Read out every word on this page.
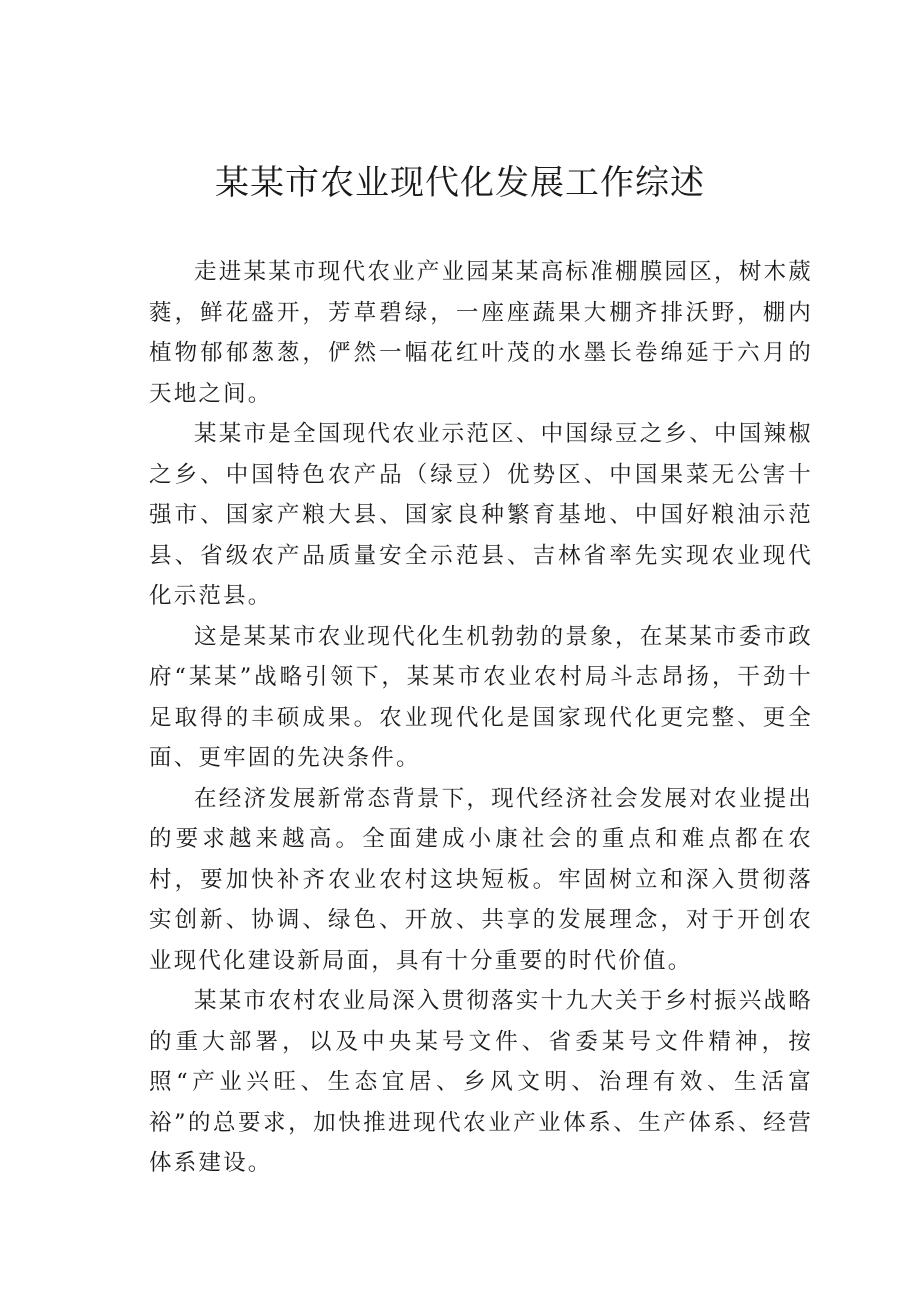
某某市农业现代化发展工作综述

走进某某市现代农业产业园某某高标准棚膜园区，树木葳蕤，鲜花盛开，芳草碧绿，一座座蔬果大棚齐排沃野，棚内植物郁郁葱葱，俨然一幅花红叶茂的水墨长卷绵延于六月的天地之间。

某某市是全国现代农业示范区、中国绿豆之乡、中国辣椒之乡、中国特色农产品（绿豆）优势区、中国果菜无公害十强市、国家产粮大县、国家良种繁育基地、中国好粮油示范县、省级农产品质量安全示范县、吉林省率先实现农业现代化示范县。

这是某某市农业现代化生机勃勃的景象，在某某市委市政府“某某”战略引领下，某某市农业农村局斗志昂扬，干劲十足取得的丰硕成果。农业现代化是国家现代化更完整、更全面、更牢固的先决条件。

在经济发展新常态背景下，现代经济社会发展对农业提出的要求越来越高。全面建成小康社会的重点和难点都在农村，要加快补齐农业农村这块短板。牢固树立和深入贯彻落实创新、协调、绿色、开放、共享的发展理念，对于开创农业现代化建设新局面，具有十分重要的时代价值。

某某市农村农业局深入贯彻落实十九大关于乡村振兴战略的重大部署，以及中央某号文件、省委某号文件精神，按照“产业兴旺、生态宜居、乡风文明、治理有效、生活富裕”的总要求，加快推进现代农业产业体系、生产体系、经营体系建设。
